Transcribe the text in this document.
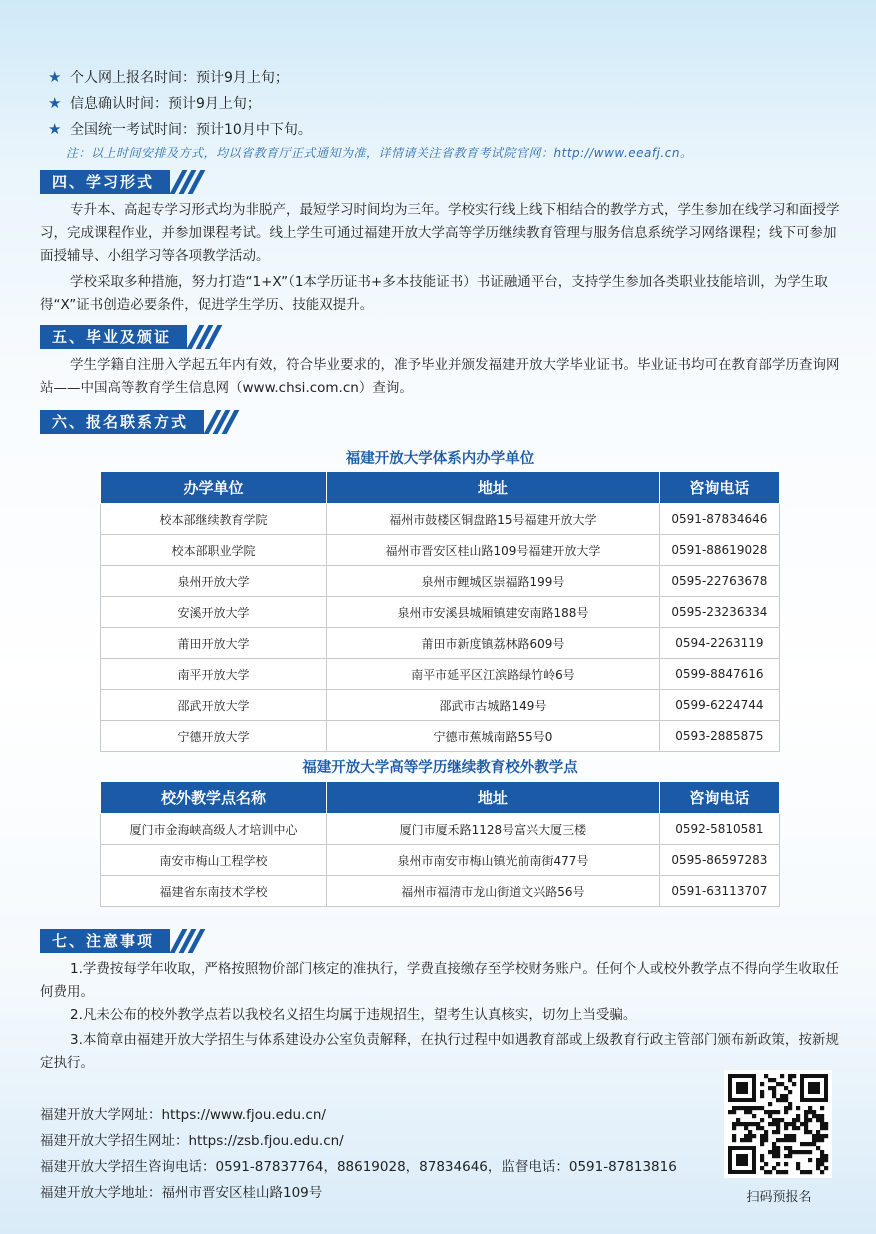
★ 个人网上报名时间：预计9月上旬；
★ 信息确认时间：预计9月上旬；
★ 全国统一考试时间：预计10月中下旬。
注：以上时间安排及方式，均以省教育厅正式通知为准，详情请关注省教育考试院官网：http://www.eeafj.cn。
四、学习形式

专升本、高起专学习形式均为非脱产，最短学习时间均为三年。学校实行线上线下相结合的教学方式，学生参加在线学习和面授学习，完成课程作业，并参加课程考试。线上学生可通过福建开放大学高等学历继续教育管理与服务信息系统学习网络课程；线下可参加面授辅导、小组学习等各项教学活动。

学校采取多种措施，努力打造“1+X”（1本学历证书+多本技能证书）书证融通平台，支持学生参加各类职业技能培训，为学生取得“X”证书创造必要条件，促进学生学历、技能双提升。

五、毕业及颁证

学生学籍自注册入学起五年内有效，符合毕业要求的，准予毕业并颁发福建开放大学毕业证书。毕业证书均可在教育部学历查询网站——中国高等教育学生信息网（www.chsi.com.cn）查询。

六、报名联系方式
福建开放大学体系内办学单位
办学单位	地址	咨询电话
校本部继续教育学院	福州市鼓楼区铜盘路15号福建开放大学	0591-87834646
校本部职业学院	福州市晋安区桂山路109号福建开放大学	0591-88619028
泉州开放大学	泉州市鲤城区崇福路199号	0595-22763678
安溪开放大学	泉州市安溪县城厢镇建安南路188号	0595-23236334
莆田开放大学	莆田市新度镇荔林路609号	0594-2263119
南平开放大学	南平市延平区江滨路绿竹岭6号	0599-8847616
邵武开放大学	邵武市古城路149号	0599-6224744
宁德开放大学	宁德市蕉城南路55号0	0593-2885875
福建开放大学高等学历继续教育校外教学点
校外教学点名称	地址	咨询电话
厦门市金海峡高级人才培训中心	厦门市厦禾路1128号富兴大厦三楼	0592-5810581
南安市梅山工程学校	泉州市南安市梅山镇光前南街477号	0595-86597283
福建省东南技术学校	福州市福清市龙山街道文兴路56号	0591-63113707
七、注意事项

1.学费按每学年收取，严格按照物价部门核定的准执行，学费直接缴存至学校财务账户。任何个人或校外教学点不得向学生收取任何费用。

2.凡未公布的校外教学点若以我校名义招生均属于违规招生，望考生认真核实，切勿上当受骗。

3.本简章由福建开放大学招生与体系建设办公室负责解释，在执行过程中如遇教育部或上级教育行政主管部门颁布新政策，按新规定执行。

福建开放大学网址：https://www.fjou.edu.cn/
福建开放大学招生网址：https://zsb.fjou.edu.cn/
福建开放大学招生咨询电话：0591-87837764，88619028，87834646，监督电话：0591-87813816
福建开放大学地址：福州市晋安区桂山路109号	扫码预报名
